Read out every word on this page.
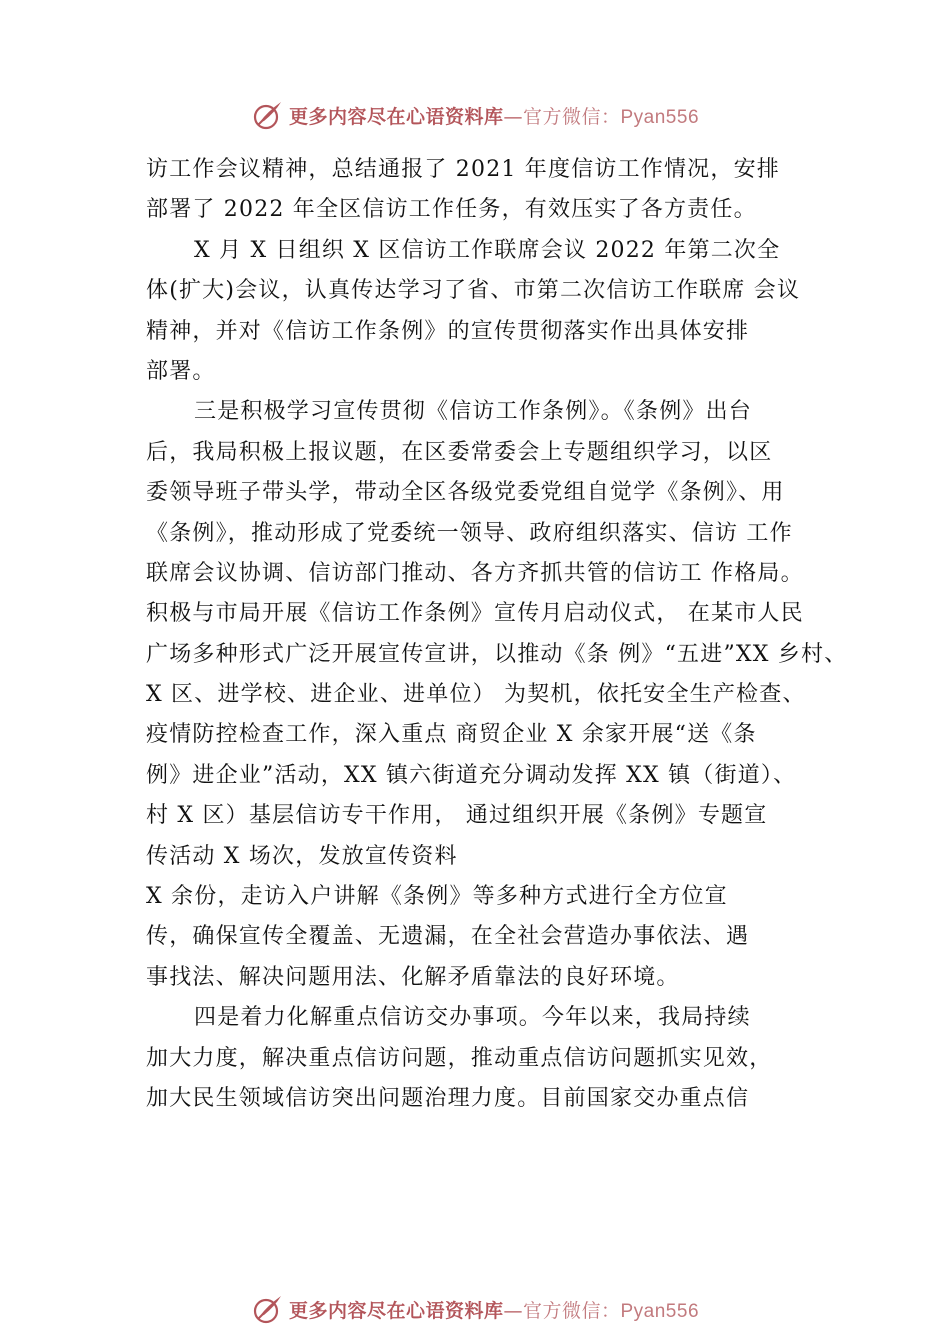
更多内容尽在心语资料库—官方微信：Pyan556
访工作会议精神，总结通报了 2021 年度信访工作情况，安排
部署了 2022 年全区信访工作任务，有效压实了各方责任。
X 月 X 日组织 X 区信访工作联席会议 2022 年第二次全
体(扩大)会议，认真传达学习了省、市第二次信访工作联席 会议
精神，并对《信访工作条例》的宣传贯彻落实作出具体安排
部署。
三是积极学习宣传贯彻《信访工作条例》。《条例》出台
后，我局积极上报议题，在区委常委会上专题组织学习，以区
委领导班子带头学，带动全区各级党委党组自觉学《条例》、用
《条例》，推动形成了党委统一领导、政府组织落实、信访 工作
联席会议协调、信访部门推动、各方齐抓共管的信访工 作格局。
积极与市局开展《信访工作条例》宣传月启动仪式， 在某市人民
广场多种形式广泛开展宣传宣讲，以推动《条 例》“五进”XX 乡村、
X 区、进学校、进企业、进单位） 为契机，依托安全生产检查、
疫情防控检查工作，深入重点 商贸企业 X 余家开展“送《条
例》进企业”活动，XX 镇六街道充分调动发挥 XX 镇（街道）、
村 X 区）基层信访专干作用， 通过组织开展《条例》专题宣
传活动 X 场次，发放宣传资料
X 余份，走访入户讲解《条例》等多种方式进行全方位宣
传，确保宣传全覆盖、无遗漏，在全社会营造办事依法、遇
事找法、解决问题用法、化解矛盾靠法的良好环境。
四是着力化解重点信访交办事项。今年以来，我局持续
加大力度，解决重点信访问题，推动重点信访问题抓实见效，
加大民生领域信访突出问题治理力度。目前国家交办重点信
更多内容尽在心语资料库—官方微信：Pyan556
